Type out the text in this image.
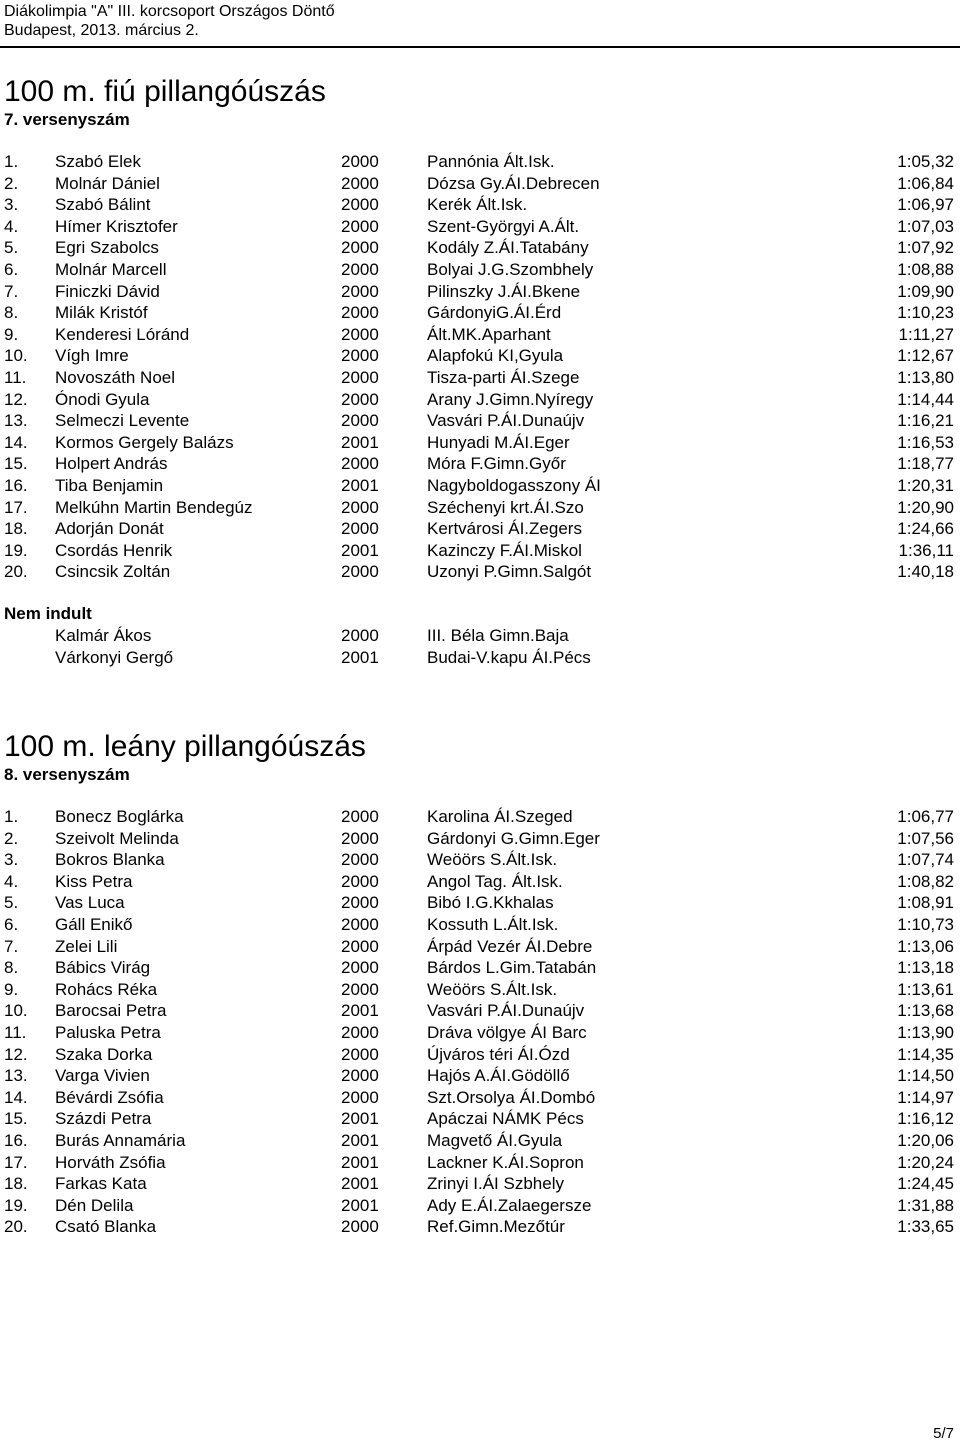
Diákolimpia "A" III. korcsoport Országos Döntő
Budapest, 2013. március 2.
100 m. fiú pillangóúszás
7. versenyszám
1. Szabó Elek	2000	Pannónia Ált.Isk.	1:05,32
2. Molnár Dániel	2000	Dózsa Gy.ÁI.Debrecen	1:06,84
3. Szabó Bálint	2000	Kerék Ált.Isk.	1:06,97
4. Hímer Krisztofer	2000	Szent-Györgyi A.Ált.	1:07,03
5. Egri Szabolcs	2000	Kodály Z.ÁI.Tatabány	1:07,92
6. Molnár Marcell	2000	Bolyai J.G.Szombhely	1:08,88
7. Finiczki Dávid	2000	Pilinszky J.ÁI.Bkene	1:09,90
8. Milák Kristóf	2000	GárdonyiG.ÁI.Érd	1:10,23
9. Kenderesi Lóránd	2000	Ált.MK.Aparhant	1:11,27
10. Vígh Imre	2000	Alapfokú KI,Gyula	1:12,67
11. Novoszáth Noel	2000	Tisza-parti ÁI.Szege	1:13,80
12. Ónodi Gyula	2000	Arany J.Gimn.Nyíregy	1:14,44
13. Selmeczi Levente	2000	Vasvári P.ÁI.Dunaújv	1:16,21
14. Kormos Gergely Balázs	2001	Hunyadi M.ÁI.Eger	1:16,53
15. Holpert András	2000	Móra F.Gimn.Győr	1:18,77
16. Tiba Benjamin	2001	Nagyboldogasszony ÁI	1:20,31
17. Melkúhn Martin Bendegúz	2000	Széchenyi krt.ÁI.Szo	1:20,90
18. Adorján Donát	2000	Kertvárosi ÁI.Zegers	1:24,66
19. Csordás Henrik	2001	Kazinczy F.ÁI.Miskol	1:36,11
20. Csincsik Zoltán	2000	Uzonyi P.Gimn.Salgót	1:40,18
Nem indult
Kalmár Ákos	2000	III. Béla Gimn.Baja
Várkonyi Gergő	2001	Budai-V.kapu ÁI.Pécs
100 m. leány pillangóúszás
8. versenyszám
1. Bonecz Boglárka	2000	Karolina ÁI.Szeged	1:06,77
2. Szeivolt Melinda	2000	Gárdonyi G.Gimn.Eger	1:07,56
3. Bokros Blanka	2000	Weöörs S.Ált.Isk.	1:07,74
4. Kiss Petra	2000	Angol Tag. Ált.Isk.	1:08,82
5. Vas Luca	2000	Bibó I.G.Kkhalas	1:08,91
6. Gáll Enikő	2000	Kossuth L.Ált.Isk.	1:10,73
7. Zelei Lili	2000	Árpád Vezér ÁI.Debre	1:13,06
8. Bábics Virág	2000	Bárdos L.Gim.Tatabán	1:13,18
9. Rohács Réka	2000	Weöörs S.Ált.Isk.	1:13,61
10. Barocsai Petra	2001	Vasvári P.ÁI.Dunaújv	1:13,68
11. Paluska Petra	2000	Dráva völgye ÁI Barc	1:13,90
12. Szaka Dorka	2000	Újváros téri ÁI.Ózd	1:14,35
13. Varga Vivien	2000	Hajós A.ÁI.Gödöllő	1:14,50
14. Bévárdi Zsófia	2000	Szt.Orsolya ÁI.Dombó	1:14,97
15. Százdi Petra	2001	Apáczai NÁMK Pécs	1:16,12
16. Burás Annamária	2001	Magvető ÁI.Gyula	1:20,06
17. Horváth Zsófia	2001	Lackner K.ÁI.Sopron	1:20,24
18. Farkas Kata	2001	Zrinyi I.ÁI Szbhely	1:24,45
19. Dén Delila	2001	Ady E.ÁI.Zalaegersze	1:31,88
20. Csató Blanka	2000	Ref.Gimn.Mezőtúr	1:33,65
5/7
